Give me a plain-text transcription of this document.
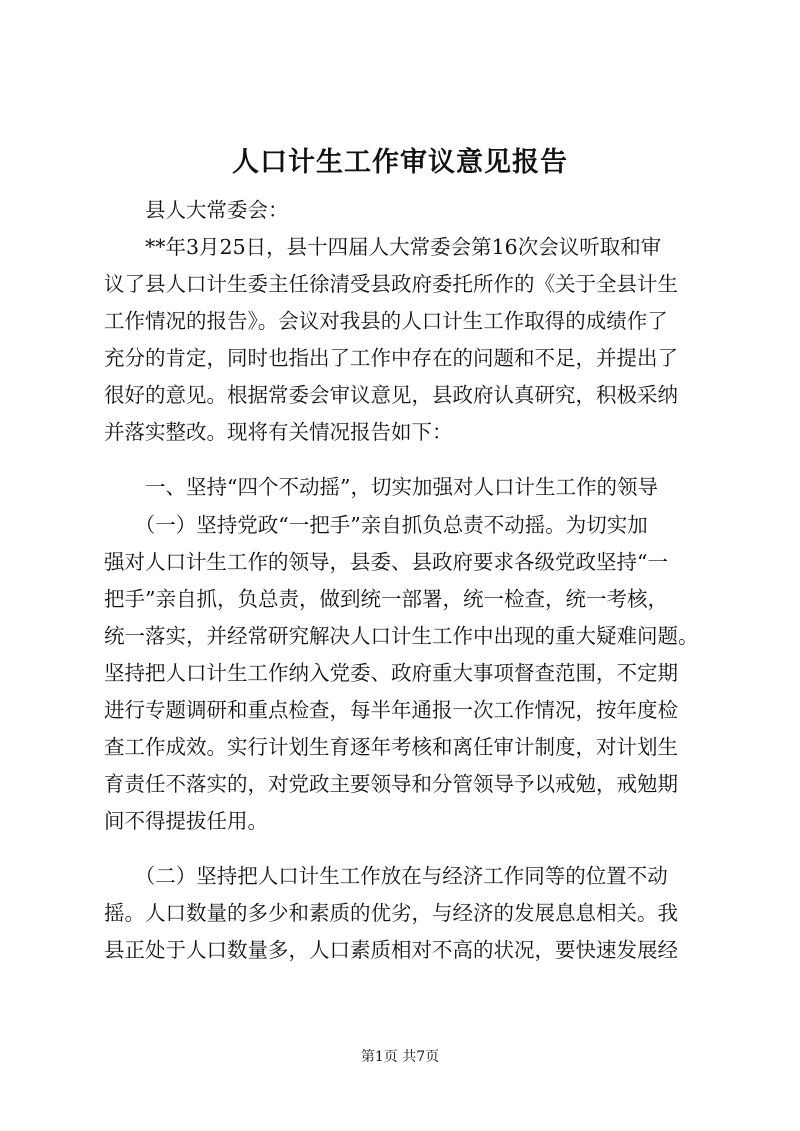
人口计生工作审议意见报告

　　县人大常委会：

　　**年3月25日，县十四届人大常委会第16次会议听取和审

议了县人口计生委主任徐清受县政府委托所作的《关于全县计生

工作情况的报告》。会议对我县的人口计生工作取得的成绩作了

充分的肯定，同时也指出了工作中存在的问题和不足，并提出了

很好的意见。根据常委会审议意见，县政府认真研究，积极采纳

并落实整改。现将有关情况报告如下：

　　一、坚持“四个不动摇”，切实加强对人口计生工作的领导

　　（一）坚持党政“一把手”亲自抓负总责不动摇。为切实加

强对人口计生工作的领导，县委、县政府要求各级党政坚持“一

把手”亲自抓，负总责，做到统一部署，统一检查，统一考核，

统一落实，并经常研究解决人口计生工作中出现的重大疑难问题。

坚持把人口计生工作纳入党委、政府重大事项督查范围，不定期

进行专题调研和重点检查，每半年通报一次工作情况，按年度检

查工作成效。实行计划生育逐年考核和离任审计制度，对计划生

育责任不落实的，对党政主要领导和分管领导予以戒勉，戒勉期

间不得提拔任用。

　　（二）坚持把人口计生工作放在与经济工作同等的位置不动

摇。人口数量的多少和素质的优劣，与经济的发展息息相关。我

县正处于人口数量多，人口素质相对不高的状况，要快速发展经

第1页 共7页
